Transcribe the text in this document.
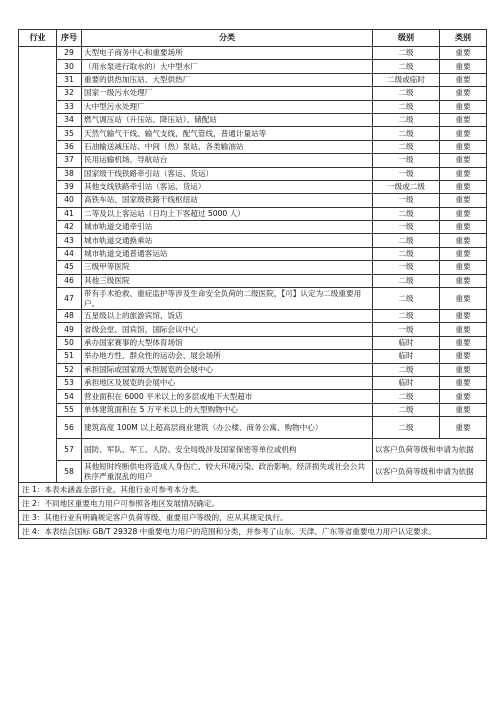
行业	序号	分类	级别	类别
	29	大型电子商务中心和重要场所	二级	重要
	30	（用水泵进行取水的）大中型水厂	二级	重要
	31	重要的供热加压站、大型供热厂	二级或临时	重要
	32	国家一级污水处理厂	二级	重要
	33	大中型污水处理厂	二级	重要
	34	燃气调压站（升压站、降压站）、储配站	二级	重要
	35	天然气输气干线、输气支线，配气管线，普通计量站等	二级	重要
	36	石油输送减压站、中间（热）泵站、各类输油站	二级	重要
	37	民用运输机场、导航站台	一级	重要
	38	国家级干线铁路牵引站（客运、货运）	一级	重要
	39	其他支线铁路牵引站（客运、货运）	一级或二级	重要
	40	高铁车站、国家级铁路干线枢纽站	一级	重要
	41	二等及以上客运站（日均上下客超过 5000 人）	二级	重要
	42	城市轨道交通牵引站	一级	重要
	43	城市轨道交通换乘站	二级	重要
	44	城市轨道交通普通客运站	二级	重要
	45	三级甲等医院	一级	重要
	46	其他三级医院	二级	重要
	47	带有手术抢救、重症监护等涉及生命安全负荷的二级医院，【可】认定为二级重要用户。	二级	重要
	48	五星级以上的旅游宾馆、饭店	二级	重要
	49	省级会堂、国宾馆，国际会议中心	一级	重要
	50	承办国家赛事的大型体育场馆	临时	重要
	51	举办地方性、群众性的运动会、展会场所	临时	重要
	52	承担国际或国家级大型展览的会展中心	二级	重要
	53	承担地区及展览的会展中心	临时	重要
	54	营业面积在 6000 平米以上的多层或地下大型超市	二级	重要
	55	单体建筑面积在 5 万平米以上的大型购物中心	二级	重要
	56	建筑高度 100M 以上超高层商业建筑（办公楼、商务公寓、购物中心）	二级	重要
	57	国防、军队、军工、人防、安全局级涉及国家保密等单位或机构	以客户负荷等级和申请为依据	
	58	其他短时终断供电将造成人身伤亡、较大环境污染、政治影响、经济损失或社会公共秩序严重混乱的用户	以客户负荷等级和申请为依据	
注 1：本表未涵盖全部行业，其他行业可参考本分类。				
注 2：不同地区重要电力用户可参照各地区发展情况确定。				
注 3：其他行业有明确规定客户负荷等级、重要用户等级的，应从其规定执行。				
注 4：本表结合国标 GB/T 29328 中重要电力用户的范围和分类，并参考了山东、天津、广东等省重要电力用户认定要求。				
